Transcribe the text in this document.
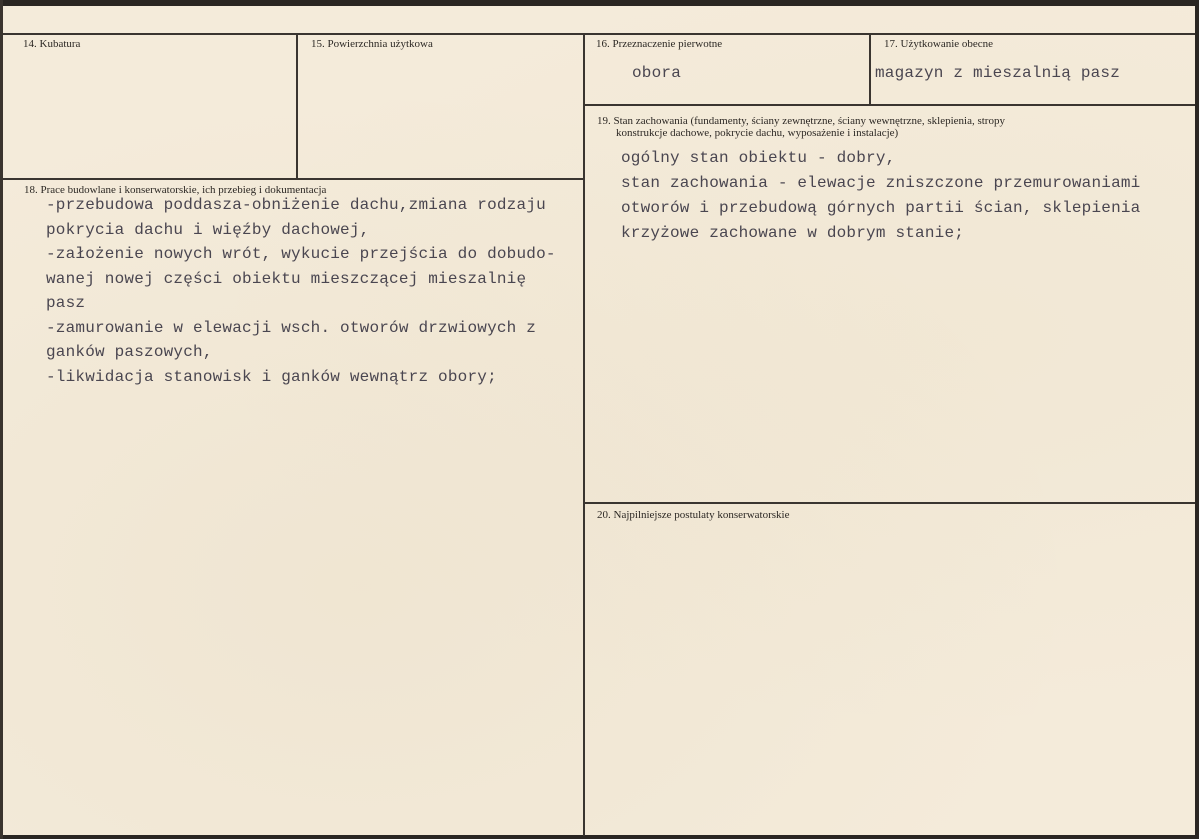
14. Kubatura	15. Powierzchnia użytkowa	16. Przeznaczenie pierwotne
obora
17. Użytkowanie obecne
magazyn z mieszalnią pasz
18. Prace budowlane i konserwatorskie, ich przebieg i dokumentacja
-przebudowa poddasza-obniżenie dachu,zmiana rodzaju
pokrycia dachu i więźby dachowej,
-założenie nowych wrót, wykucie przejścia do dobudo-
wanej nowej części obiektu mieszczącej mieszalnię
pasz
-zamurowanie w elewacji wsch. otworów drzwiowych z
ganków paszowych,
-likwidacja stanowisk i ganków wewnątrz obory;
19. Stan zachowania (fundamenty, ściany zewnętrzne, ściany wewnętrzne, sklepienia, stropy
konstrukcje dachowe, pokrycie dachu, wyposażenie i instalacje)
ogólny stan obiektu - dobry,
stan zachowania - elewacje zniszczone przemurowaniami
otworów i przebudową górnych partii ścian, sklepienia
krzyżowe zachowane w dobrym stanie;
20. Najpilniejsze postulaty konserwatorskie
